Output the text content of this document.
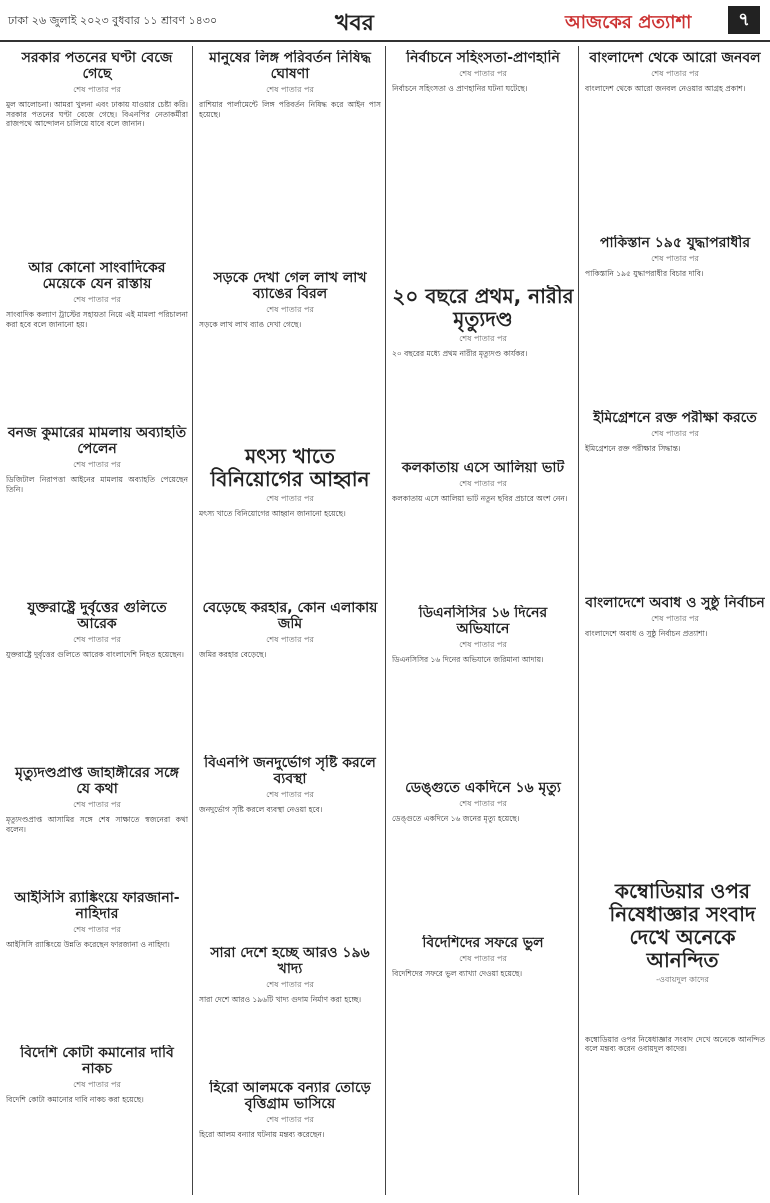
ঢাকা ২৬ জুলাই ২০২৩ বুধবার ১১ শ্রাবণ ১৪৩০	খবর	আজকের প্রত্যাশা	৭
সরকার পতনের ঘণ্টা বেজে গেছে
শেষ পাতার পর
মুল আলোচনা। আমরা খুলনা এবং ঢাকায় যাওয়ার চেষ্টা করি। সরকার পতনের ঘণ্টা বেজে গেছে। বিএনপির নেতাকর্মীরা রাজপথে আন্দোলন চালিয়ে যাবে বলে জানান।
আর কোনো সাংবাদিকের মেয়েকে যেন রাস্তায়
শেষ পাতার পর
সাংবাদিক কল্যাণ ট্রাস্টের সহায়তা নিয়ে এই মামলা পরিচালনা করা হবে বলে জানানো হয়।
বনজ কুমারের মামলায় অব্যাহতি পেলেন
শেষ পাতার পর
ডিজিটাল নিরাপত্তা আইনের মামলায় অব্যাহতি পেয়েছেন তিনি।
যুক্তরাষ্ট্রে দুর্বৃত্তের গুলিতে আরেক
শেষ পাতার পর
যুক্তরাষ্ট্রে দুর্বৃত্তের গুলিতে আরেক বাংলাদেশি নিহত হয়েছেন।
মৃত্যুদণ্ডপ্রাপ্ত জাহাঙ্গীরের সঙ্গে যে কথা
শেষ পাতার পর
মৃত্যুদণ্ডপ্রাপ্ত আসামির সঙ্গে শেষ সাক্ষাতে স্বজনেরা কথা বলেন।
আইসিসি র‍্যাঙ্কিংয়ে ফারজানা-নাহিদার
শেষ পাতার পর
আইসিসি র‍্যাঙ্কিংয়ে উন্নতি করেছেন ফারজানা ও নাহিদা।
বিদেশি কোটা কমানোর দাবি নাকচ
শেষ পাতার পর
বিদেশি কোটা কমানোর দাবি নাকচ করা হয়েছে।
মানুষের লিঙ্গ পরিবর্তন নিষিদ্ধ ঘোষণা
শেষ পাতার পর
রাশিয়ার পার্লামেন্টে লিঙ্গ পরিবর্তন নিষিদ্ধ করে আইন পাস হয়েছে।
সড়কে দেখা গেল লাখ লাখ ব্যাঙের বিরল
শেষ পাতার পর
সড়কে লাখ লাখ ব্যাঙ দেখা গেছে।
মৎস্য খাতে বিনিয়োগের আহ্বান
শেষ পাতার পর
মৎস্য খাতে বিনিয়োগের আহ্বান জানানো হয়েছে।
বেড়েছে করহার, কোন এলাকায় জমি
শেষ পাতার পর
জমির করহার বেড়েছে।
বিএনপি জনদুর্ভোগ সৃষ্টি করলে ব্যবস্থা
শেষ পাতার পর
জনদুর্ভোগ সৃষ্টি করলে ব্যবস্থা নেওয়া হবে।
সারা দেশে হচ্ছে আরও ১৯৬ খাদ্য
শেষ পাতার পর
সারা দেশে আরও ১৯৬টি খাদ্য গুদাম নির্মাণ করা হচ্ছে।
হিরো আলমকে বন্যার তোড়ে বৃত্তিগ্রাম ভাসিয়ে
শেষ পাতার পর
হিরো আলম বন্যার ঘটনায় মন্তব্য করেছেন।
নির্বাচনে সহিংসতা-প্রাণহানি
শেষ পাতার পর
নির্বাচনে সহিংসতা ও প্রাণহানির ঘটনা ঘটেছে।
২০ বছরে প্রথম, নারীর মৃত্যুদণ্ড
শেষ পাতার পর
২০ বছরের মধ্যে প্রথম নারীর মৃত্যুদণ্ড কার্যকর।
কলকাতায় এসে আলিয়া ভাট
শেষ পাতার পর
কলকাতায় এসে আলিয়া ভাট নতুন ছবির প্রচারে অংশ নেন।
ডিএনসিসির ১৬ দিনের অভিযানে
শেষ পাতার পর
ডিএনসিসির ১৬ দিনের অভিযানে জরিমানা আদায়।
ডেঙ্গুতে একদিনে ১৬ মৃত্যু
শেষ পাতার পর
ডেঙ্গুতে একদিনে ১৬ জনের মৃত্যু হয়েছে।
বিদেশিদের সফরে ভুল
শেষ পাতার পর
বিদেশিদের সফরে ভুল ব্যাখ্যা দেওয়া হয়েছে।
বাংলাদেশ থেকে আরো জনবল
শেষ পাতার পর
বাংলাদেশ থেকে আরো জনবল নেওয়ার আগ্রহ প্রকাশ।
পাকিস্তান ১৯৫ যুদ্ধাপরাধীর
শেষ পাতার পর
পাকিস্তানি ১৯৫ যুদ্ধাপরাধীর বিচার দাবি।
ইমিগ্রেশনে রক্ত পরীক্ষা করতে
শেষ পাতার পর
ইমিগ্রেশনে রক্ত পরীক্ষার সিদ্ধান্ত।
বাংলাদেশে অবাধ ও সুষ্ঠু নির্বাচন
শেষ পাতার পর
বাংলাদেশে অবাধ ও সুষ্ঠু নির্বাচন প্রত্যাশা।
কম্বোডিয়ার ওপর নিষেধাজ্ঞার সংবাদ দেখে অনেকে আনন্দিত
-ওবায়দুল কাদের
কম্বোডিয়ার ওপর নিষেধাজ্ঞার সংবাদ দেখে অনেকে আনন্দিত বলে মন্তব্য করেন ওবায়দুল কাদের।
